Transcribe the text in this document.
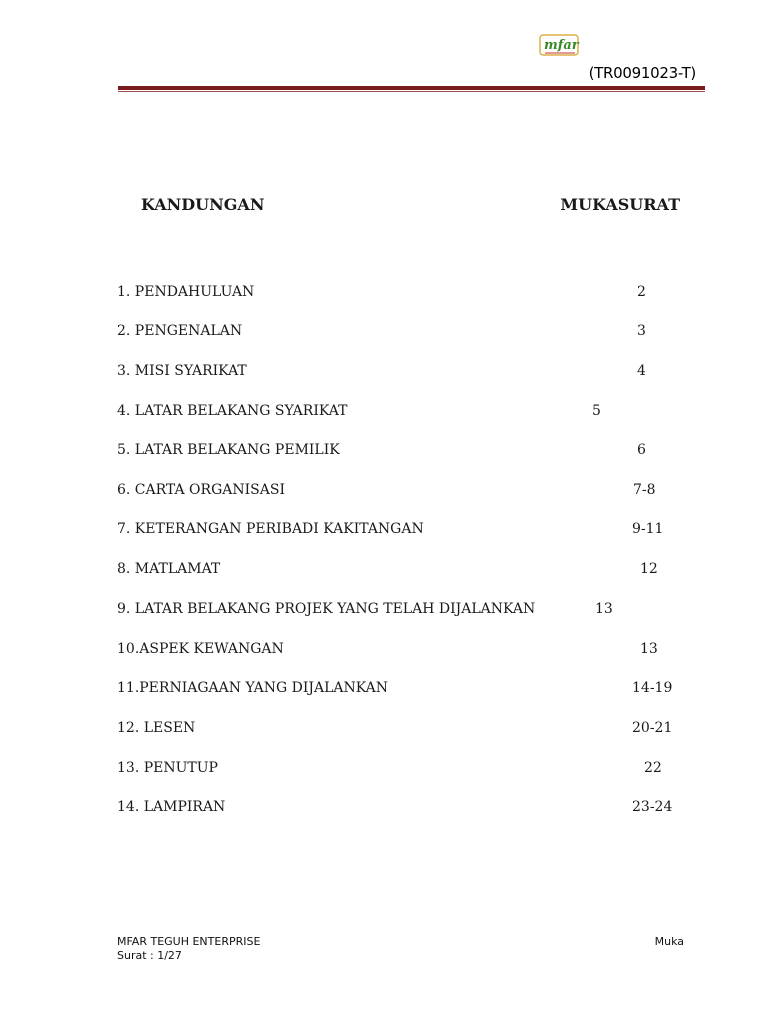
mfar
(TR0091023-T)
KANDUNGAN	MUKASURAT
1. PENDAHULUAN	2
2. PENGENALAN	3
3. MISI SYARIKAT	4
4. LATAR BELAKANG SYARIKAT	5
5. LATAR BELAKANG PEMILIK	6
6. CARTA ORGANISASI	7-8
7. KETERANGAN PERIBADI KAKITANGAN	9-11
8. MATLAMAT	12
9. LATAR BELAKANG PROJEK YANG TELAH DIJALANKAN	13
10.ASPEK KEWANGAN	13
11.PERNIAGAAN YANG DIJALANKAN	14-19
12. LESEN	20-21
13. PENUTUP	22
14. LAMPIRAN	23-24
MFAR TEGUH ENTERPRISE	Muka
Surat : 1/27
